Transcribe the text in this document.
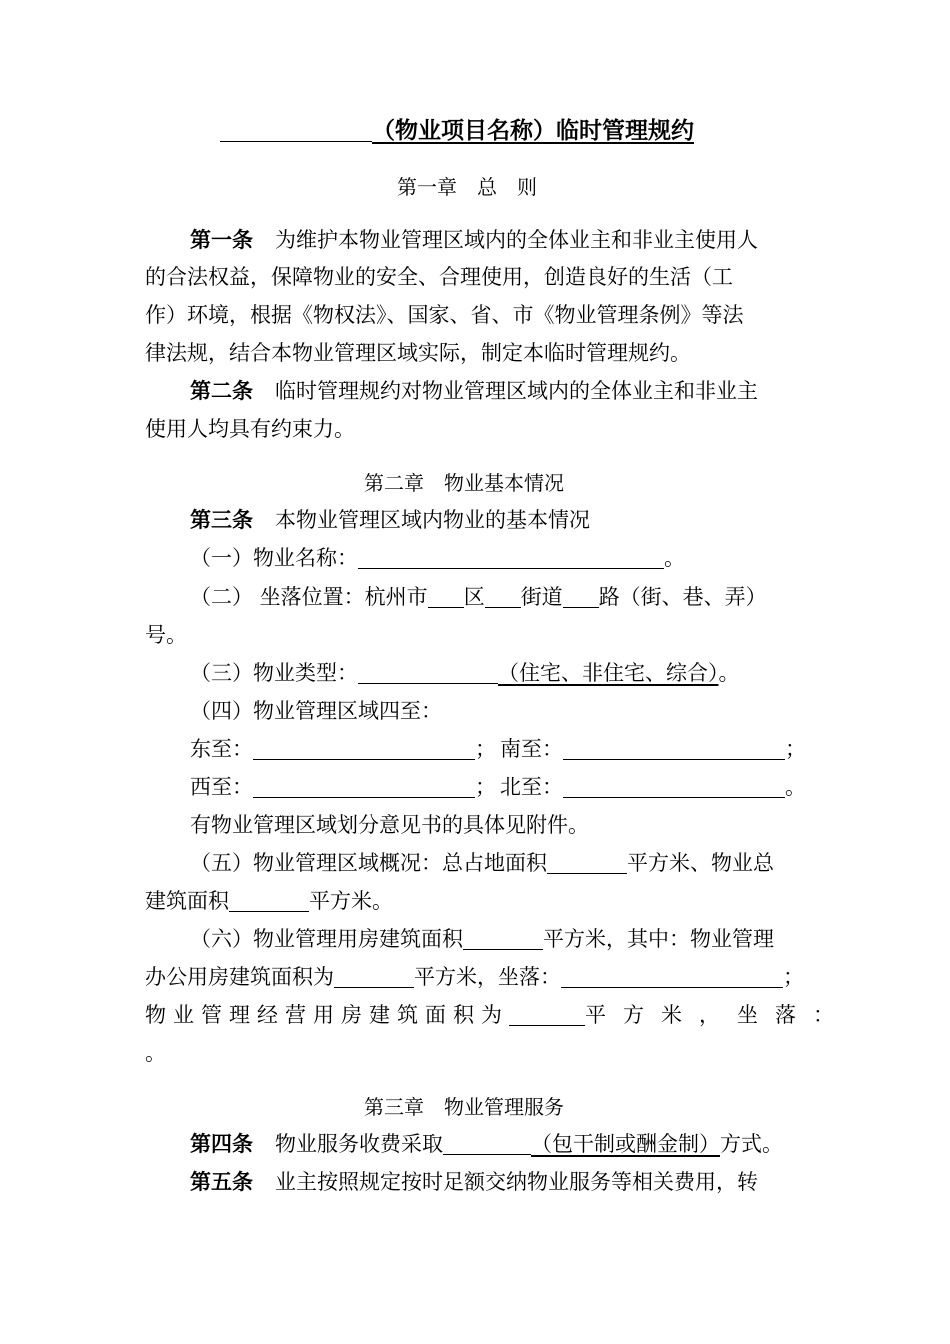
（物业项目名称）临时管理规约
第一章　总　则
第一条 为维护本物业管理区域内的全体业主和非业主使用人
的合法权益，保障物业的安全、合理使用，创造良好的生活（工
作）环境，根据《物权法》、国家、省、市《物业管理条例》等法
律法规，结合本物业管理区域实际，制定本临时管理规约。
第二条 临时管理规约对物业管理区域内的全体业主和非业主
使用人均具有约束力。
第二章　物业基本情况
第三条 本物业管理区域内物业的基本情况
（一）物业名称：	。
（二） 坐落位置：杭州市 区 街道 路（街、巷、弄）
号。
（三）物业类型：	（住宅、非住宅、综合）。
（四）物业管理区域四至：
东至：	； 南至：	；
西至：	； 北至：	。
有物业管理区域划分意见书的具体见附件。
（五）物业管理区域概况：总占地面积	平方米、物业总
建筑面积	平方米。
（六）物业管理用房建筑面积	平方米，其中：物业管理
办公用房建筑面积为	平方米，坐落：	；
物业管理经营用房建筑面积为	平方米，坐落：
。
第三章　物业管理服务
第四条 物业服务收费采取	（包干制或酬金制）方式。
第五条 业主按照规定按时足额交纳物业服务等相关费用，转
